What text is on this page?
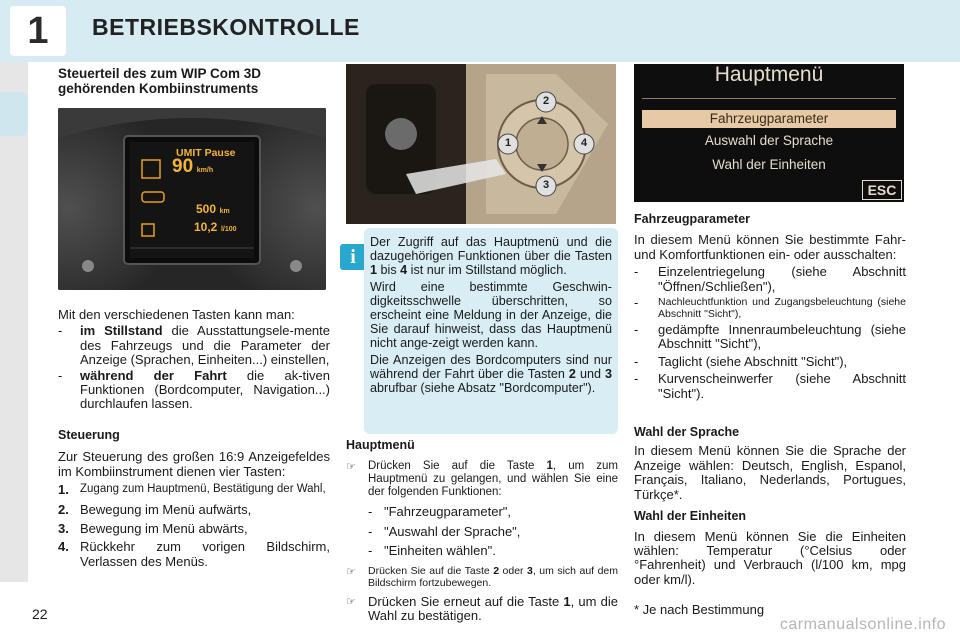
1	BETRIEBSKONTROLLE
Steuerteil des zum WIP Com 3D gehörenden Kombiinstruments
UMIT Pause
90 km/h
500 km
10,2 l/100

Mit den verschiedenen Tasten kann man:

-	im Stillstand die Ausstattungsele-mente des Fahrzeugs und die Parameter der Anzeige (Sprachen, Einheiten...) einstellen,
-	während der Fahrt die ak-tiven Funktionen (Bordcomputer, Navigation...) durchlaufen lassen.
Steuerung

Zur Steuerung des großen 16:9 Anzeigefeldes im Kombiinstrument dienen vier Tasten:

1. Zugang zum Hauptmenü, Bestätigung der Wahl,
2. Bewegung im Menü aufwärts,
3. Bewegung im Menü abwärts,
4. Rückkehr zum vorigen Bildschirm, Verlassen des Menüs.
1
2
3
4
i

Der Zugriff auf das Hauptmenü und die dazugehörigen Funktionen über die Tasten 1 bis 4 ist nur im Stillstand möglich.

Wird eine bestimmte Geschwin-digkeitsschwelle überschritten, so erscheint eine Meldung in der Anzeige, die Sie darauf hinweist, dass das Hauptmenü nicht ange-zeigt werden kann.

Die Anzeigen des Bordcomputers sind nur während der Fahrt über die Tasten 2 und 3 abrufbar (siehe Absatz "Bordcomputer").

Hauptmenü
☞	Drücken Sie auf die Taste 1, um zum Hauptmenü zu gelangen, und wählen Sie eine der folgenden Funktionen:
- "Fahrzeugparameter",
- "Auswahl der Sprache",
- "Einheiten wählen".
☞	Drücken Sie auf die Taste 2 oder 3, um sich auf dem Bildschirm fortzubewegen.
☞ Drücken Sie erneut auf die Taste 1, um die Wahl zu bestätigen.
Hauptmenü
Fahrzeugparameter
Auswahl der Sprache
Wahl der Einheiten
ESC
Fahrzeugparameter

In diesem Menü können Sie bestimmte Fahr- und Komfortfunktionen ein- oder ausschalten:

-	Einzelentriegelung (siehe Abschnitt "Öffnen/Schließen"),
-	Nachleuchtfunktion und Zugangsbeleuchtung (siehe Abschnitt "Sicht"),
-	gedämpfte Innenraumbeleuchtung (siehe Abschnitt "Sicht"),
-	Taglicht (siehe Abschnitt "Sicht"),
-	Kurvenscheinwerfer (siehe Abschnitt "Sicht").
Wahl der Sprache

In diesem Menü können Sie die Sprache der Anzeige wählen: Deutsch, English, Espanol, Français, Italiano, Nederlands, Portugues, Türkçe*.

Wahl der Einheiten

In diesem Menü können Sie die Einheiten wählen: Temperatur (°Celsius oder °Fahrenheit) und Verbrauch (l/100 km, mpg oder km/l).

* Je nach Bestimmung

22
carmanualsonline.info
